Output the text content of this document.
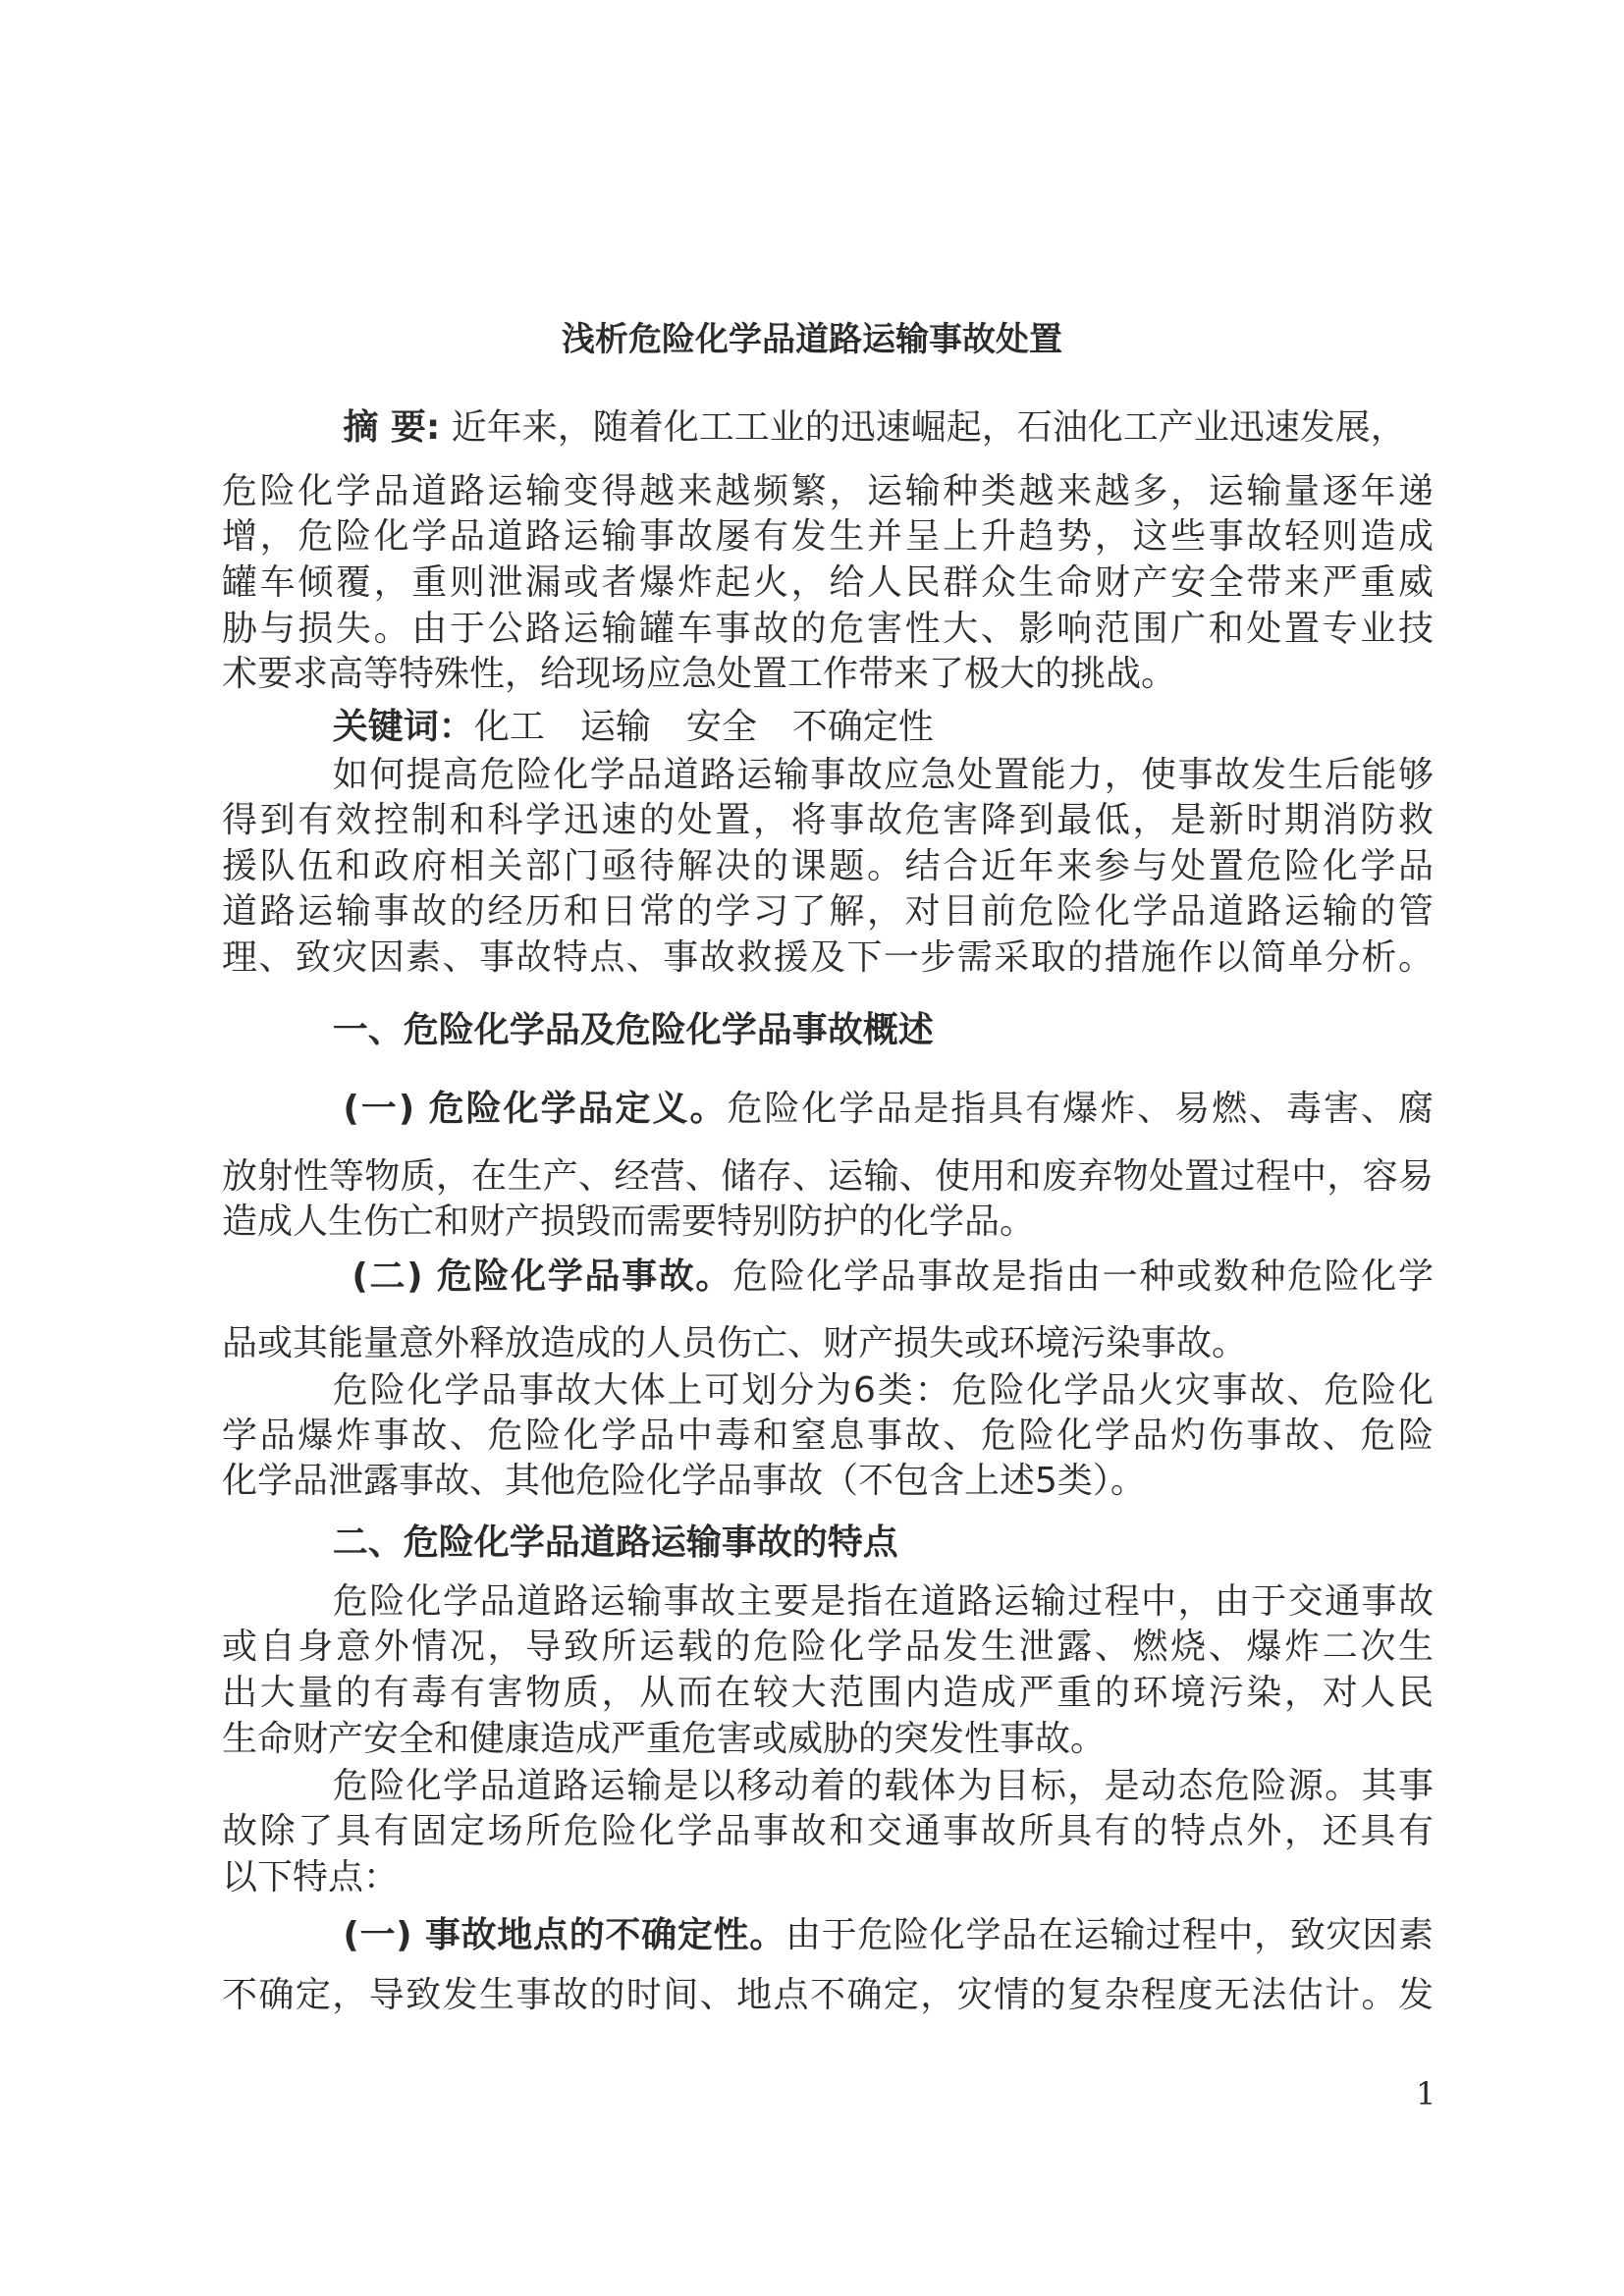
浅析危险化学品道路运输事故处置
摘 要: 近年来，随着化工工业的迅速崛起，石油化工产业迅速发展，
危险化学品道路运输变得越来越频繁，运输种类越来越多，运输量逐年递
增，危险化学品道路运输事故屡有发生并呈上升趋势，这些事故轻则造成
罐车倾覆，重则泄漏或者爆炸起火，给人民群众生命财产安全带来严重威
胁与损失。由于公路运输罐车事故的危害性大、影响范围广和处置专业技
术要求高等特殊性，给现场应急处置工作带来了极大的挑战。
关键词：化工　运输　安全　不确定性
如何提高危险化学品道路运输事故应急处置能力，使事故发生后能够
得到有效控制和科学迅速的处置，将事故危害降到最低，是新时期消防救
援队伍和政府相关部门亟待解决的课题。结合近年来参与处置危险化学品
道路运输事故的经历和日常的学习了解，对目前危险化学品道路运输的管
理、致灾因素、事故特点、事故救援及下一步需采取的措施作以简单分析。
一、危险化学品及危险化学品事故概述
(一) 危险化学品定义。危险化学品是指具有爆炸、易燃、毒害、腐
放射性等物质，在生产、经营、储存、运输、使用和废弃物处置过程中，容易
造成人生伤亡和财产损毁而需要特别防护的化学品。
(二) 危险化学品事故。危险化学品事故是指由一种或数种危险化学
品或其能量意外释放造成的人员伤亡、财产损失或环境污染事故。
危险化学品事故大体上可划分为6类：危险化学品火灾事故、危险化
学品爆炸事故、危险化学品中毒和窒息事故、危险化学品灼伤事故、危险
化学品泄露事故、其他危险化学品事故（不包含上述5类）。
二、危险化学品道路运输事故的特点
危险化学品道路运输事故主要是指在道路运输过程中，由于交通事故
或自身意外情况，导致所运载的危险化学品发生泄露、燃烧、爆炸二次生
出大量的有毒有害物质，从而在较大范围内造成严重的环境污染，对人民
生命财产安全和健康造成严重危害或威胁的突发性事故。
危险化学品道路运输是以移动着的载体为目标，是动态危险源。其事
故除了具有固定场所危险化学品事故和交通事故所具有的特点外，还具有
以下特点：
(一) 事故地点的不确定性。由于危险化学品在运输过程中，致灾因素
不确定，导致发生事故的时间、地点不确定，灾情的复杂程度无法估计。发
1
